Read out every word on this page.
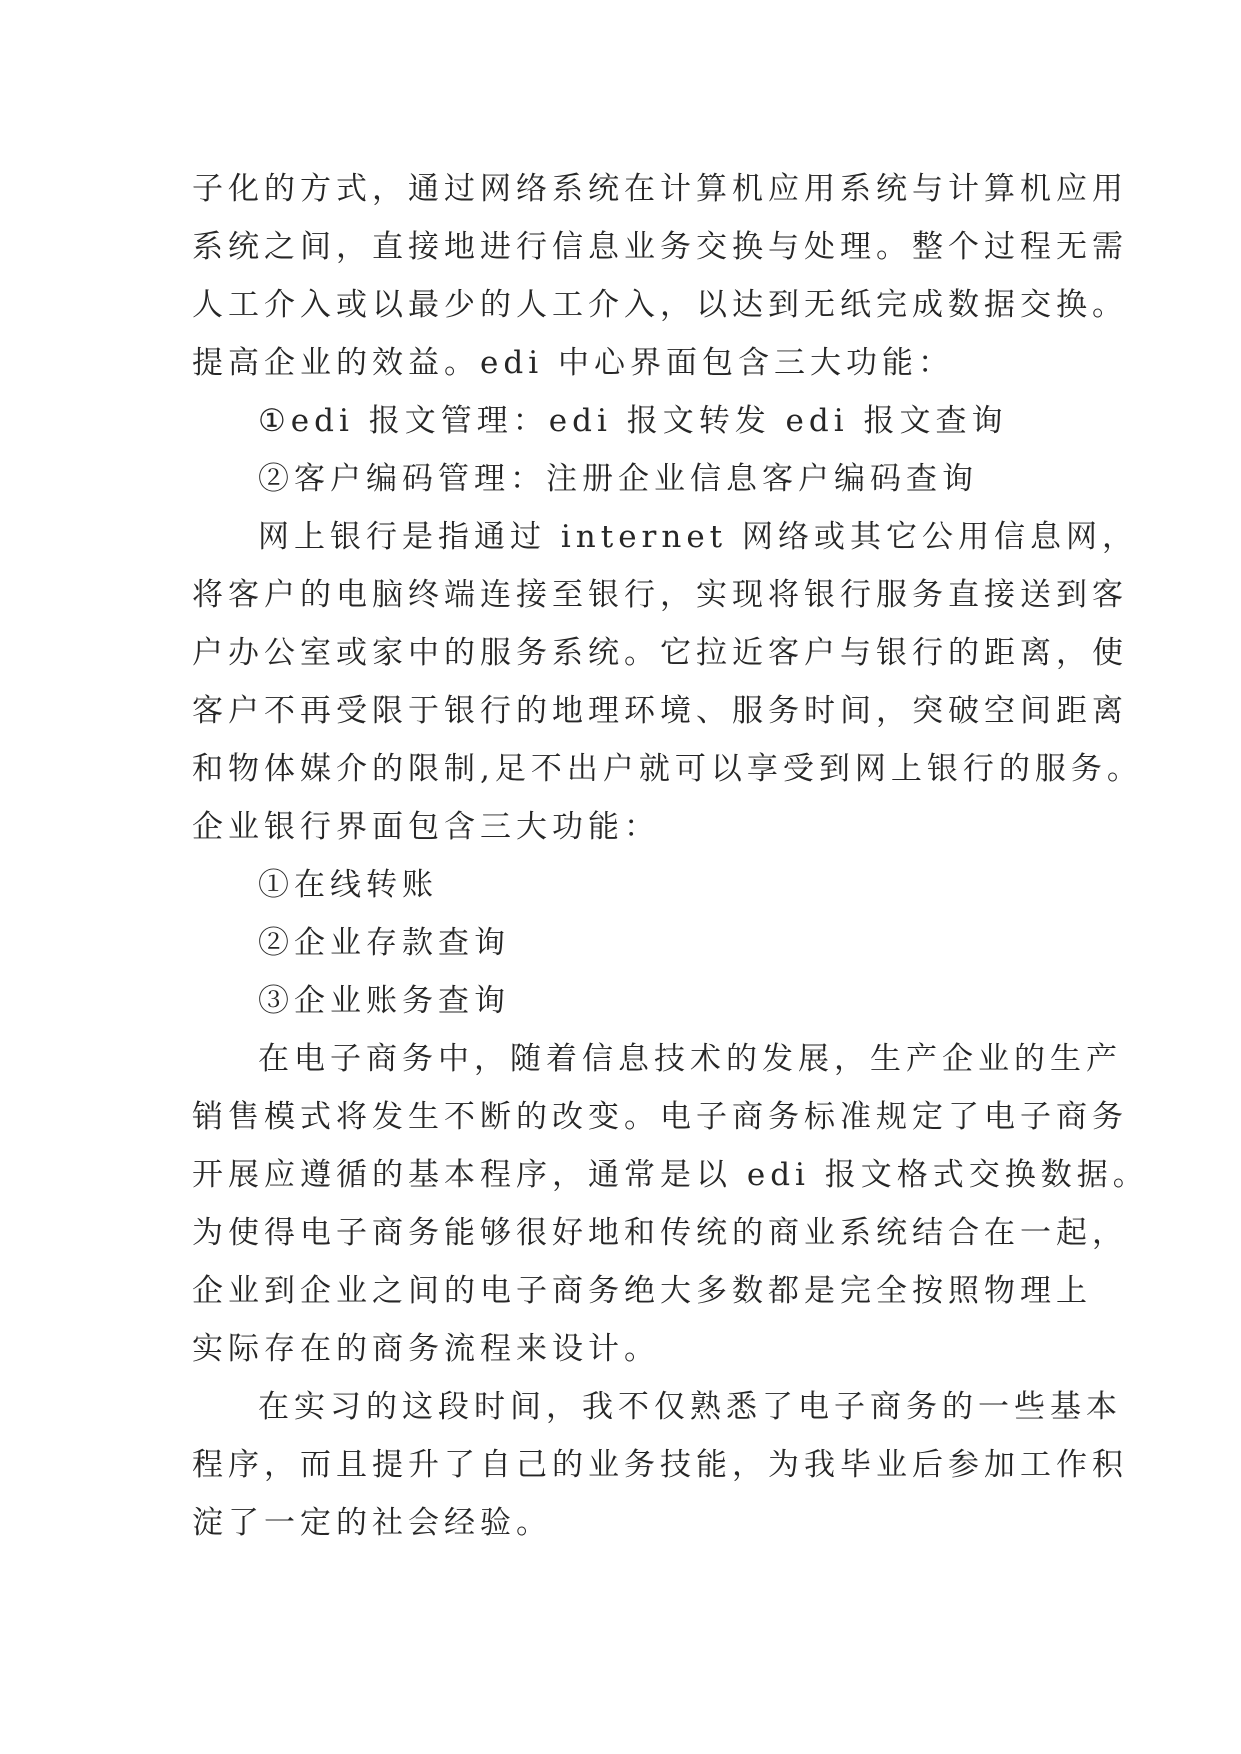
子化的方式，通过网络系统在计算机应用系统与计算机应用
系统之间，直接地进行信息业务交换与处理。整个过程无需
人工介入或以最少的人工介入，以达到无纸完成数据交换。
提高企业的效益。edi 中心界面包含三大功能：
①edi 报文管理：edi 报文转发 edi 报文查询
②客户编码管理：注册企业信息客户编码查询
网上银行是指通过 internet 网络或其它公用信息网，
将客户的电脑终端连接至银行，实现将银行服务直接送到客
户办公室或家中的服务系统。它拉近客户与银行的距离，使
客户不再受限于银行的地理环境、服务时间，突破空间距离
和物体媒介的限制,足不出户就可以享受到网上银行的服务。
企业银行界面包含三大功能：
①在线转账
②企业存款查询
③企业账务查询
在电子商务中，随着信息技术的发展，生产企业的生产
销售模式将发生不断的改变。电子商务标准规定了电子商务
开展应遵循的基本程序，通常是以 edi 报文格式交换数据。
为使得电子商务能够很好地和传统的商业系统结合在一起，
企业到企业之间的电子商务绝大多数都是完全按照物理上
实际存在的商务流程来设计。
在实习的这段时间，我不仅熟悉了电子商务的一些基本
程序，而且提升了自己的业务技能，为我毕业后参加工作积
淀了一定的社会经验。
